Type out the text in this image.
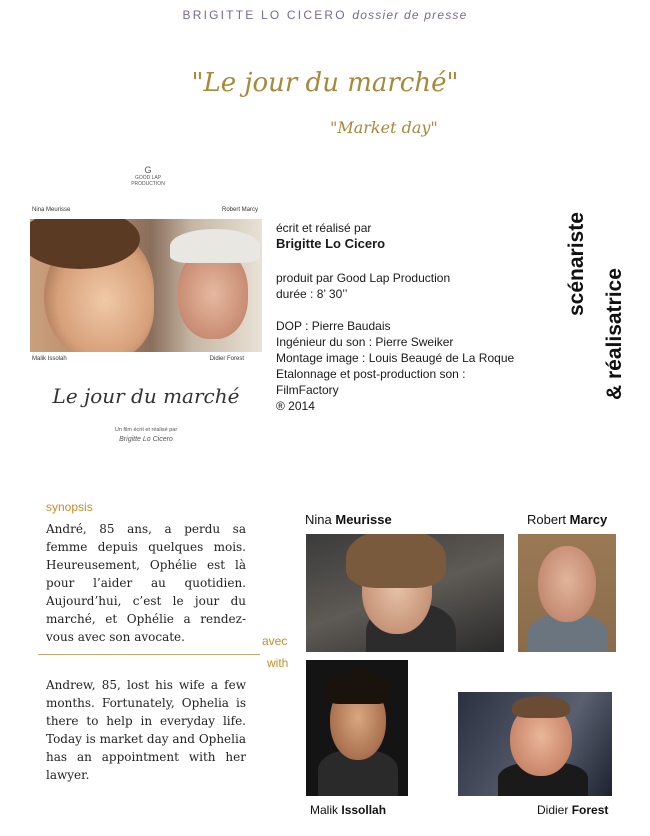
BRIGITTE LO CICERO dossier de presse
"Le jour du marché"
"Market day"
G
GOOD LAP PRODUCTION
Nina Meurisse	Robert Marcy
Malik Issolah	Didier Forest
Le jour du marché
Un film écrit et réalisé par
Brigitte Lo Cicero
écrit et réalisé par
Brigitte Lo Cicero
produit par Good Lap Production
durée : 8’ 30’’
DOP : Pierre Baudais
Ingénieur du son : Pierre Sweiker
Montage image : Louis Beaugé de La Roque
Etalonnage et post-production son :
FilmFactory
® 2014
scénariste
& réalisatrice
synopsis
André, 85 ans, a perdu sa femme depuis quelques mois. Heureusement, Ophélie est là pour l’aider au quotidien. Aujourd’hui, c’est le jour du marché, et Ophélie a rendez-vous avec son avocate.
Andrew, 85, lost his wife a few months. Fortunately, Ophelia is there to help in everyday life. Today is market day and Ophelia has an appointment with her lawyer.
avec
with
Nina Meurisse	Robert Marcy
Malik Issollah	Didier Forest
